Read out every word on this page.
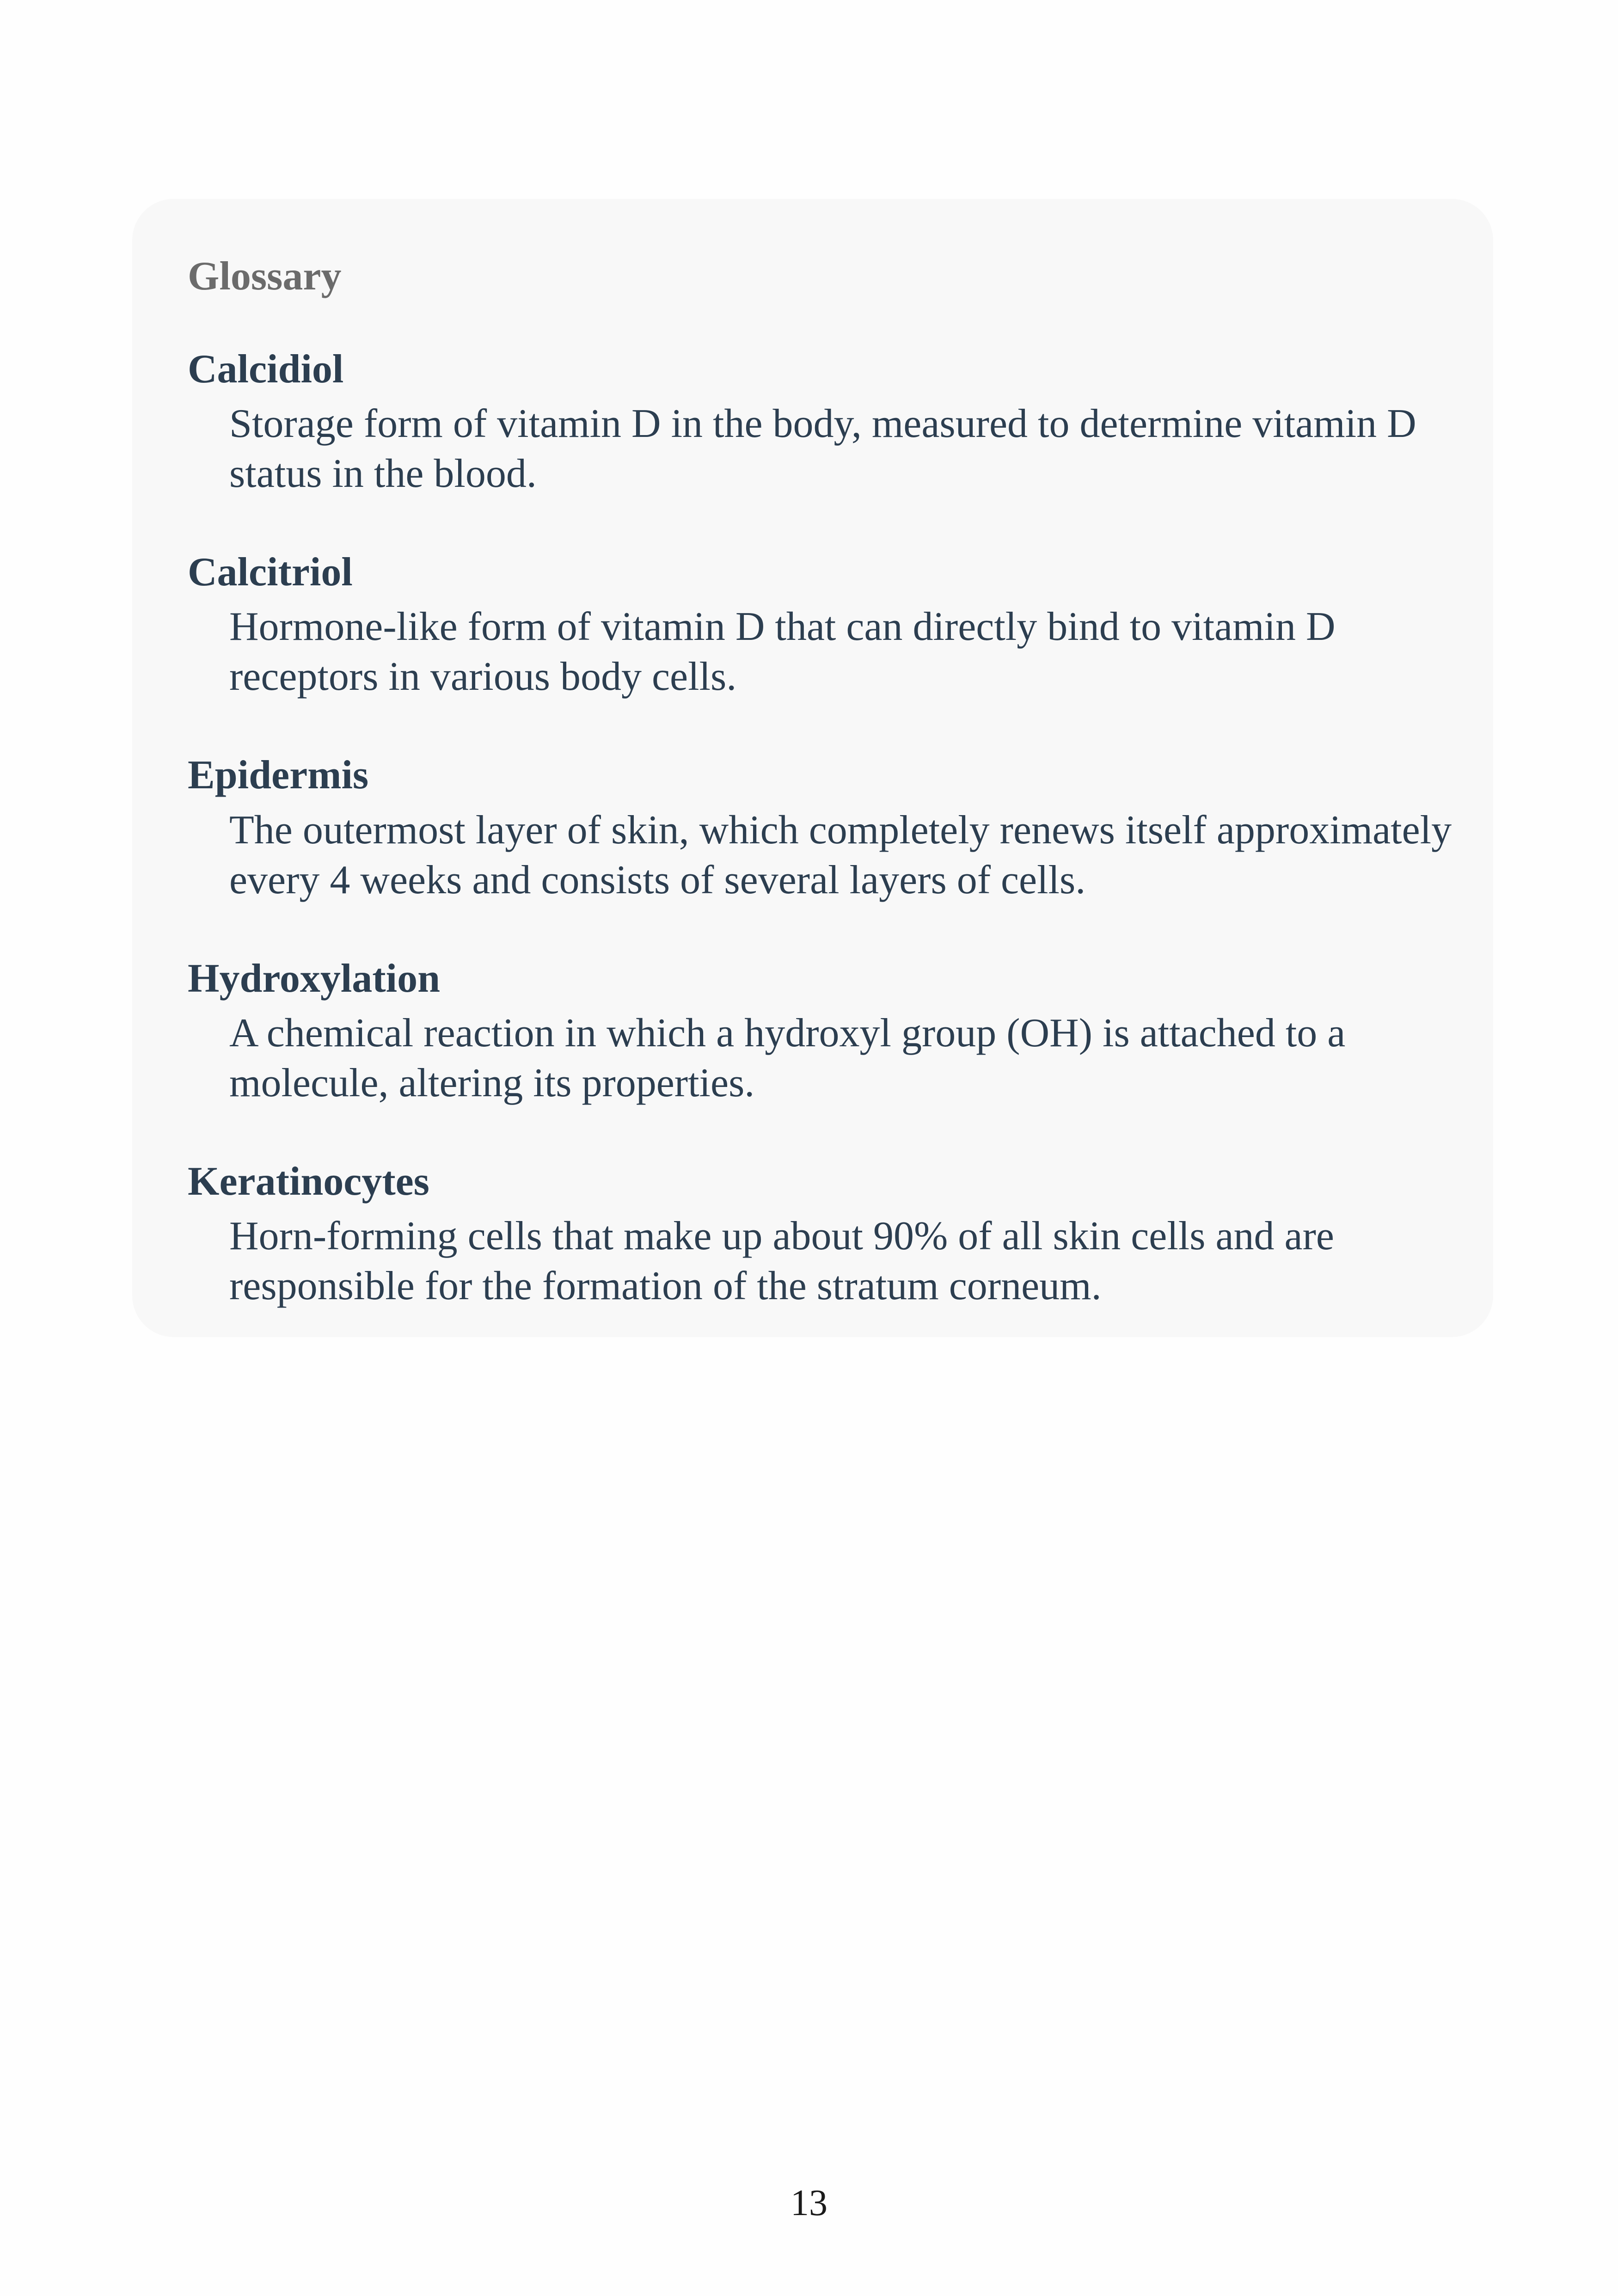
Glossary
Calcidiol
Storage form of vitamin D in the body, measured to determine vitamin D status in the blood.
Calcitriol
Hormone-like form of vitamin D that can directly bind to vitamin D receptors in various body cells.
Epidermis
The outermost layer of skin, which completely renews itself approximately every 4 weeks and consists of several layers of cells.
Hydroxylation
A chemical reaction in which a hydroxyl group (OH) is attached to a molecule, altering its properties.
Keratinocytes
Horn-forming cells that make up about 90% of all skin cells and are responsible for the formation of the stratum corneum.
13
